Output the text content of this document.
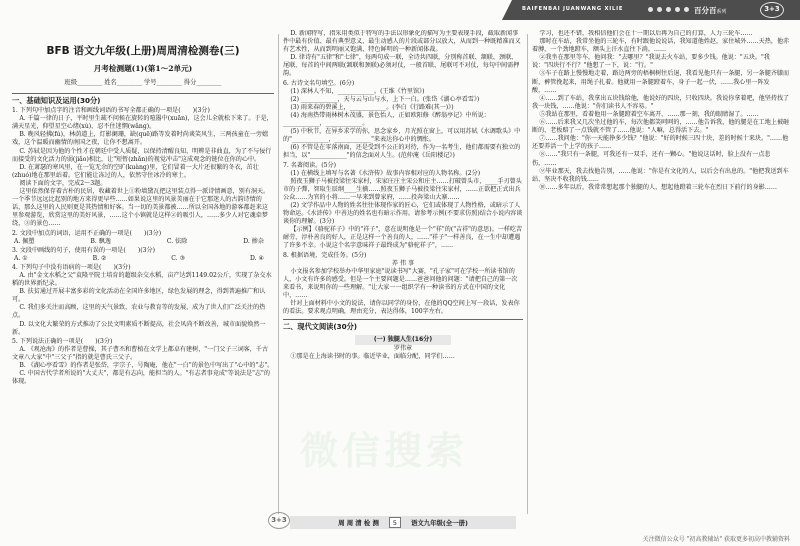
BAIFENBAI JUANWANG XILIE	百分百系列	3+3
微信搜索

BFB 语文九年级(上册)周周清检测卷(三)

月考检测题(1)(第1～2单元)

班级________ 姓名________ 学号________ 得分________

一、基础知识及运用(30分)

1. 下列句中加点字的注音和画线词语的书写全都正确的一项是(　　)(3分)

A. 千篇一律的日子，平时里生疏不问候在旋转的喧嚣中(xuān)，这会儿全就松下来了。于是，满天星光，仰望星空心绪(xù)，忍不住迷惘(wǎng)。

B. 晚风轻拂(fú)，林荫道上，灯影阑珊，缺(quē)路等发着时尚谈笑风生，三两孩童在一旁嬉戏，这个温暖而幽情的南国之夜，让你不想离开。

C. 苏轼是因为他的个性才在朝廷中受人质疑，以保持清醒良知，明辨是非曲直，为了不与佞行而接受的文化活力的弱(jiǎo)相比，让"短暂(zhǎn)的视觉冲击"这成观念的链位在你的心中。

D. 在萧瑟的寒风里，在一览无余的空旷(kuàng)里，它们冒着一大片还很繁的冬衣，茁壮(zhuó)地在那里站着。它们能让冻过的人，依然守住冰冷的寒土。

阅读下面的文字，完成2～3题。

这里依然保存着古朴的民居，收藏着世上①粉墙黛瓦把这里装点得一派诗情画意，别有洞天。一个季节远远比起别的地方来得更早些……如果说这里的风景美丽在于它那迷人的古韵诗情的话，那么这里的人民则更是其热情和好客。当一切的美景都被……所以全国各地的游客都赶来这里参观游览，欣赏这里的美好风景，……这个小镇就是这样②的吸引人，……多少人对它魂牵梦绕，③的景色……

2. 文段中加点的词语，运用不正确的一项是(　　)(3分)

A. 佩塑	B. 飘逸	C. 怯除	D. 掺杂

3. 文段中画线的句子，使用有误的一项是(　　)(3分)

A. ①	B. ②	C. ③	D. ④

4. 下列句子中没有语病的一项是(　　)(3分)

A. 由"金文水稻之父"袁隆平院士培育的超级杂交水稻，亩产达到1149.02公斤，实现了杂交水稻的世界新纪录。

B. 扶贫通过开展丰富多彩的文化活动在全国许多地区，绿色发展的理念，得到普遍推广和认可。

C. 我们多关注而高顾，这里的天气景致，农业与教育等的发展，成为了世人们广泛关注的热点。

D. 以文化大繁荣的方式推动了公民文明素质不断提高，社会风尚不断改善，城市面貌焕然一新。

5. 下列说法正确的一项是(　　)(3分)

A. 《观沧海》的作者是曹操，其子曹丕和曹植在文学上都卓有建树，"一门父子三词客，千古文章八大家"中"三父子"指的就是曹氏三父子。

B. 《湖心亭看雪》的作者是张岱，字宗子，号陶庵，他在"一白"的景色中写出了"心中的"志"。

C. 中国古代学者所说的"大丈夫"，都是有志向，能担当的人。"有志者事竟成"等说法是"志"的体现。

D. 新闻特写，指采用类似于特写的手法以形象化的描写为主要表现手段，截取新闻事件中最有价值、最有典型意义、最生动感人的片段或部分以放大，从而到一种既精准而又有艺术性，从而到明丽又饱满、特色鲜明的一种新闻体裁。

D. 律诗有"五律"和"七律"，每两句成一联，全诗共四联，分别称首联、颔联、颈联、尾联，每首的中间两联(颔联和颈联)必须对仗，一般首联、尾联可不对仗，每句中间需押韵。

6. 古诗文名句填空。(6分)

(1) 深林人不知，____________。(王维《竹里馆》)

(2) ____________，天与云与山与水，上下一白。(张岱《湖心亭看雪》)

(3) 雨来春的碧溪上，____________。(李白《行路难(其一)》)

(4) 海南热带雨林树木茂盛，景色怡人，正如欧阳修《醉翁亭记》中所说：____________，____________。

(5) 中秋节，在异乡求学的你，思念家乡，月光照在窗上，可以用苏轼《水调歌头》中的"____________，____________"来表达你心中的惆怅。

(6) 不管是在零落南面，还是受到不公正的对待，作为一名考生，他们都需要有独立的担当，以"____________"的信念面对人生。(范仲淹《岳阳楼记》)

7. 名著阅读。(5分)

(1) 在横线上填写与名著《水浒传》故事内容相对应的人物名称。(2分)

照夜玉狮子马被投梁往宋家村，宋家庄庄主宋公和庄主……打破曾头市，____手刃曾头市的子彈，智取生辰纲____生擒……照夜玉狮子马被投梁往宋家村，……正欲把正式出兵公众……为官的小将……一早来到曾家府，……投奔梁山大寨……

(2) 文学作品中人物的姓名往往体现作家的匠心，它们或体现了人物性格，或暗示了人物命运。《水浒传》中善达的姓名也有暗示作用。请参考示例(不要求仿照)结合小说内容谈谈你的理解。(3分)

【示例】《骆驼祥子》中的"祥子"，意在说明他是一个"祥"的("吉祥"的意思)。一样吃苦耐劳、淳朴善良的好人，正是这样一个善良的人，……"祥子"一样善良，在一生中却遭遇了许多不幸。小说这个名字意味祥子最终成为"骆驼祥子"，……

8. 根据语境，完成任务。(5分)

养 伟 事

小文报名参加学校举办中华里家庭"说读书写"大赛，"孔子家"可在学校一所读书馆的人，小文有许多的感受。但是一个主要问题是……爸爸问他的问题："请把自己的第一次来看书，来说明你的一些理解。"让大家一一组织学有一种读书的方式在中国的文化中，……

针对上面材料中小文的说法，请你以同学的身份，在他的QQ空间上写一段话，发表你的看法。要求观点明确，理由充分，表达得体，100字左右。

二、现代文阅读(30分)

(一) 独腿人生(16分)

罗伟章

①那是在上海读书时的事。临近毕业，面临分配，同学们……

学习，也还不错，我相信他们会在十一期以后再为自己的打算，人力三轮车……

那时在车站，我常坐他的三轮车，有时跟他说说话，我知道他姓赵，家住城外……天热，他赤着膊，一个劲地蹬车，额头上汗水直往下淌。……

②我坐在那里等车，他问我："去哪里？"我说去火车站，要多少钱。他说："五块。"我说："四块行不行？"他想了一下，说："行。"

③车子在路上慢慢地走着，路边两旁的梧桐树往后退，我看见他只有一条腿，另一条腿齐膝而断，裤管挽起来，用绳子扎着。他就用一条腿蹬着车，身子一起一伏，……我心里一阵发酸，……

④……到了车站，我拿出五块钱给他，他说好的四块，只收四块。我说你拿着吧，他坚持找了我一块钱，……他说："你们读书人不容易。"

⑤我站在那里，看着他用一条腿蹬着空车离开，……那一刻，我的眼睛湿了。……

⑥……后来我又几次坐过他的车，每次他都笑呵呵的，……他告诉我，他的腿是在工地上被砸断的，老板赔了一点钱就不管了……他说："人嘛，总得活下去。"

⑦……我问他："你一天能挣多少钱？"他说："好的时候三四十块，差的时候十来块。"……他还要养活一个上学的孩子……

⑧……"我只有一条腿，可我还有一双手，还有一颗心。"他说这话时，脸上没有一点悲伤，……

⑨毕业那天，我去找他告别，……他说："你是有文化的人，以后会有出息的。"他把我送到车站，坚决不收我的钱……

⑩……多年以后，我常常想起那个独腿的人，想起他蹬着三轮车在烈日下前行的身影……

3+3	周 周 清 检 测	5	语文九年级(全一册)
关注微信公众号 "初高教辅站" 获取更多初高中教辅资料
